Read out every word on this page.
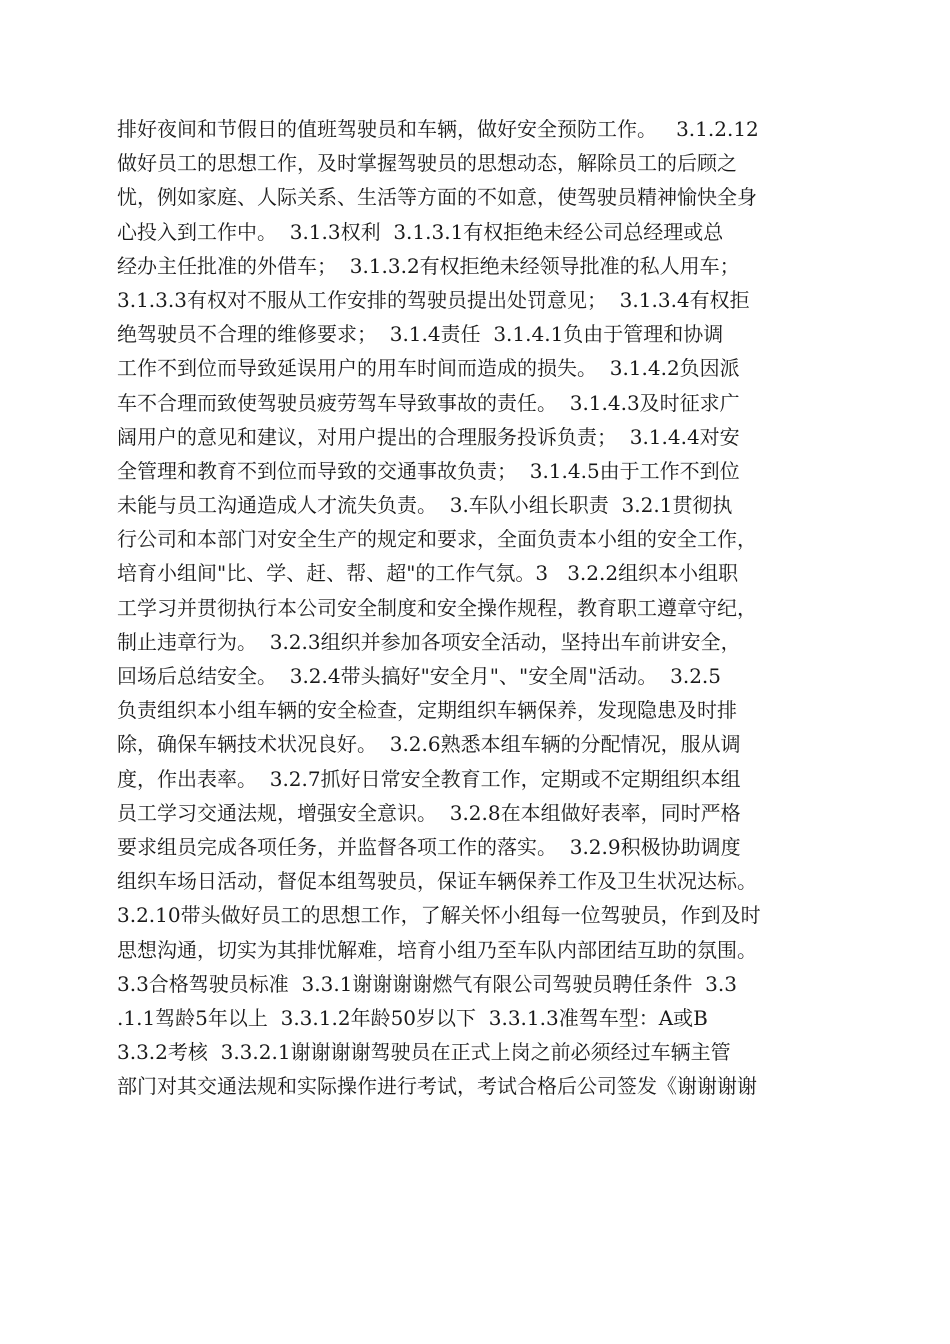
排好夜间和节假日的值班驾驶员和车辆，做好安全预防工作。   3.1.2.12
做好员工的思想工作，及时掌握驾驶员的思想动态，解除员工的后顾之
忧，例如家庭、人际关系、生活等方面的不如意，使驾驶员精神愉快全身
心投入到工作中。  3.1.3权利  3.1.3.1有权拒绝未经公司总经理或总
经办主任批准的外借车；  3.1.3.2有权拒绝未经领导批准的私人用车；
3.1.3.3有权对不服从工作安排的驾驶员提出处罚意见；  3.1.3.4有权拒
绝驾驶员不合理的维修要求；  3.1.4责任  3.1.4.1负由于管理和协调
工作不到位而导致延误用户的用车时间而造成的损失。  3.1.4.2负因派
车不合理而致使驾驶员疲劳驾车导致事故的责任。  3.1.4.3及时征求广
阔用户的意见和建议，对用户提出的合理服务投诉负责；  3.1.4.4对安
全管理和教育不到位而导致的交通事故负责；  3.1.4.5由于工作不到位
未能与员工沟通造成人才流失负责。  3.车队小组长职责  3.2.1贯彻执
行公司和本部门对安全生产的规定和要求，全面负责本小组的安全工作，
培育小组间"比、学、赶、帮、超"的工作气氛。3   3.2.2组织本小组职
工学习并贯彻执行本公司安全制度和安全操作规程，教育职工遵章守纪，
制止违章行为。  3.2.3组织并参加各项安全活动，坚持出车前讲安全，
回场后总结安全。  3.2.4带头搞好"安全月"、"安全周"活动。  3.2.5
负责组织本小组车辆的安全检查，定期组织车辆保养，发现隐患及时排
除，确保车辆技术状况良好。  3.2.6熟悉本组车辆的分配情况，服从调
度，作出表率。  3.2.7抓好日常安全教育工作，定期或不定期组织本组
员工学习交通法规，增强安全意识。  3.2.8在本组做好表率，同时严格
要求组员完成各项任务，并监督各项工作的落实。  3.2.9积极协助调度
组织车场日活动，督促本组驾驶员，保证车辆保养工作及卫生状况达标。
3.2.10带头做好员工的思想工作，了解关怀小组每一位驾驶员，作到及时
思想沟通，切实为其排忧解难，培育小组乃至车队内部团结互助的氛围。
3.3合格驾驶员标准  3.3.1谢谢谢谢燃气有限公司驾驶员聘任条件  3.3
.1.1驾龄5年以上  3.3.1.2年龄50岁以下  3.3.1.3准驾车型：A或B
3.3.2考核  3.3.2.1谢谢谢谢驾驶员在正式上岗之前必须经过车辆主管
部门对其交通法规和实际操作进行考试，考试合格后公司签发《谢谢谢谢
